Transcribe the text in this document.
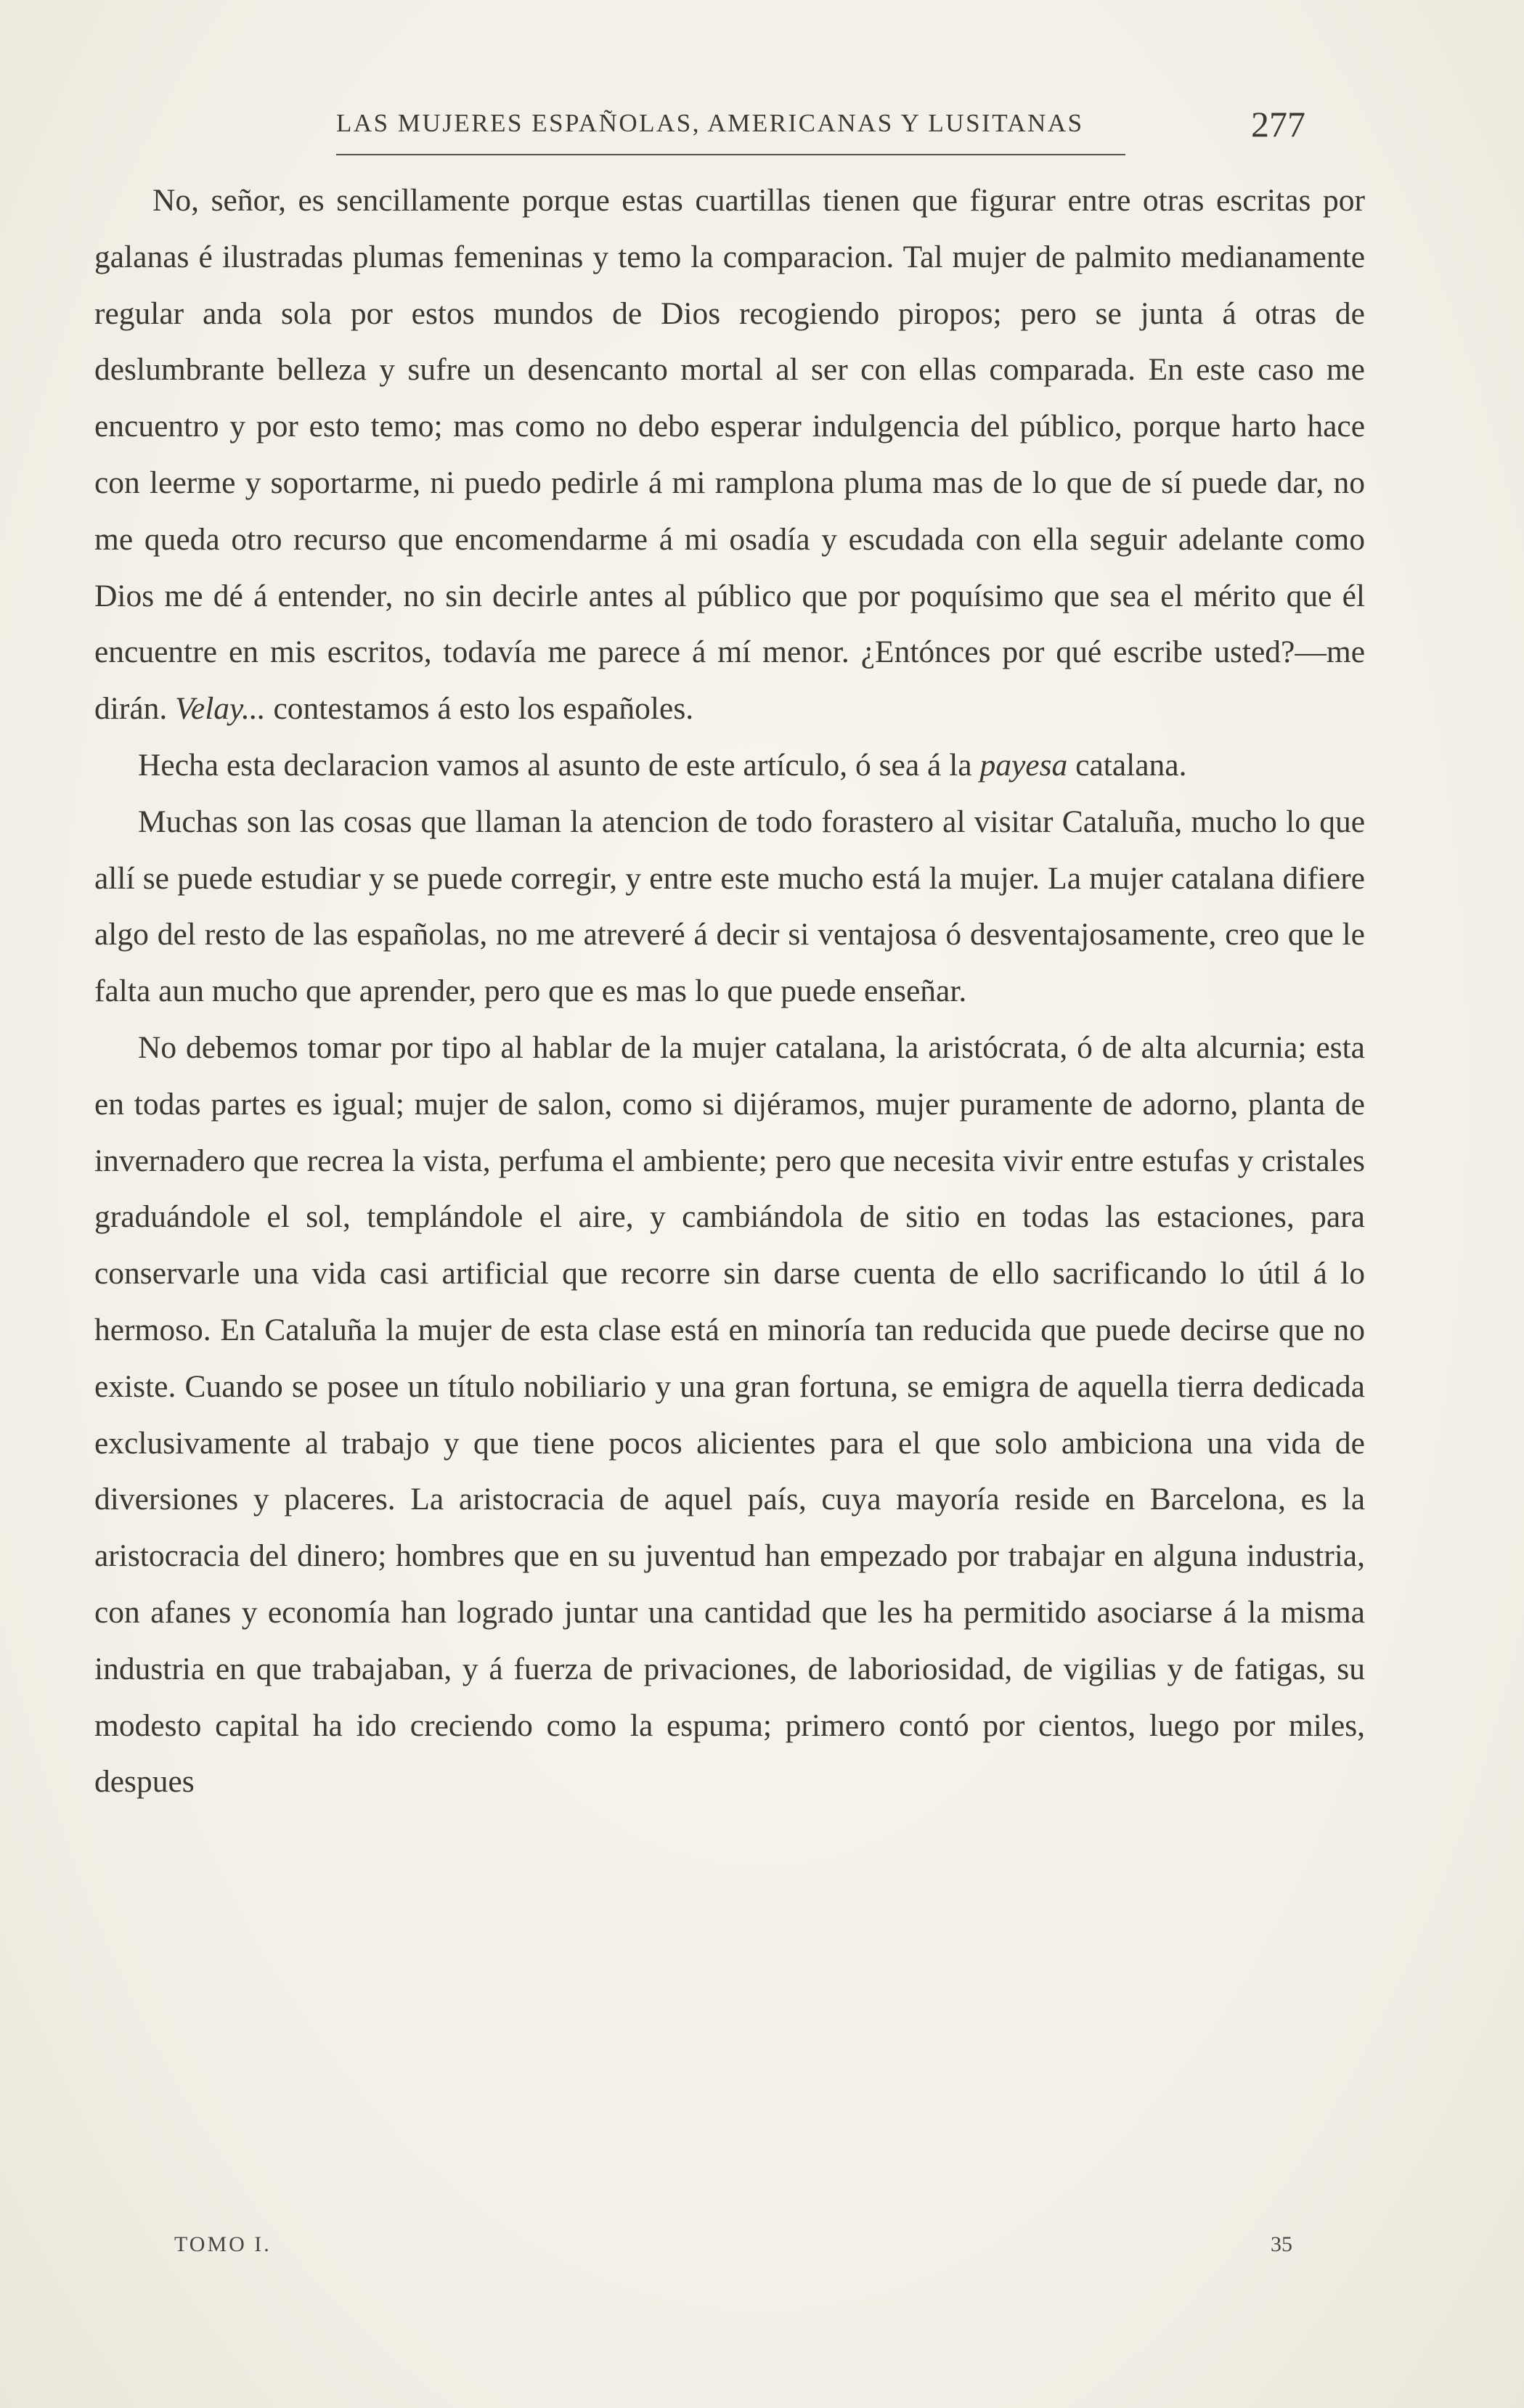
LAS MUJERES ESPAÑOLAS, AMERICANAS Y LUSITANAS	277

No, señor, es sencillamente porque estas cuartillas tienen que figurar entre otras escritas por galanas é ilustradas plumas femeninas y temo la comparacion. Tal mujer de palmito medianamente regular anda sola por estos mundos de Dios recogiendo piropos; pero se junta á otras de deslumbrante belleza y sufre un desencanto mortal al ser con ellas comparada. En este caso me encuentro y por esto temo; mas como no debo esperar indulgencia del público, porque harto hace con leerme y soportarme, ni puedo pedirle á mi ramplona pluma mas de lo que de sí puede dar, no me queda otro recurso que encomendarme á mi osadía y escudada con ella seguir adelante como Dios me dé á entender, no sin decirle antes al público que por poquísimo que sea el mérito que él encuentre en mis escritos, todavía me parece á mí menor. ¿Entónces por qué escribe usted?—me dirán. Velay... contestamos á esto los españoles.

Hecha esta declaracion vamos al asunto de este artículo, ó sea á la payesa catalana.

Muchas son las cosas que llaman la atencion de todo forastero al visitar Cataluña, mucho lo que allí se puede estudiar y se puede corregir, y entre este mucho está la mujer. La mujer catalana difiere algo del resto de las españolas, no me atreveré á decir si ventajosa ó desventajosamente, creo que le falta aun mucho que aprender, pero que es mas lo que puede enseñar.

No debemos tomar por tipo al hablar de la mujer catalana, la aristócrata, ó de alta alcurnia; esta en todas partes es igual; mujer de salon, como si dijéramos, mujer puramente de adorno, planta de invernadero que recrea la vista, perfuma el ambiente; pero que necesita vivir entre estufas y cristales graduándole el sol, templándole el aire, y cambiándola de sitio en todas las estaciones, para conservarle una vida casi artificial que recorre sin darse cuenta de ello sacrificando lo útil á lo hermoso. En Cataluña la mujer de esta clase está en minoría tan reducida que puede decirse que no existe. Cuando se posee un título nobiliario y una gran fortuna, se emigra de aquella tierra dedicada exclusivamente al trabajo y que tiene pocos alicientes para el que solo ambiciona una vida de diversiones y placeres. La aristocracia de aquel país, cuya mayoría reside en Barcelona, es la aristocracia del dinero; hombres que en su juventud han empezado por trabajar en alguna industria, con afanes y economía han logrado juntar una cantidad que les ha permitido asociarse á la misma industria en que trabajaban, y á fuerza de privaciones, de laboriosidad, de vigilias y de fatigas, su modesto capital ha ido creciendo como la espuma; primero contó por cientos, luego por miles, despues

TOMO I.	35
